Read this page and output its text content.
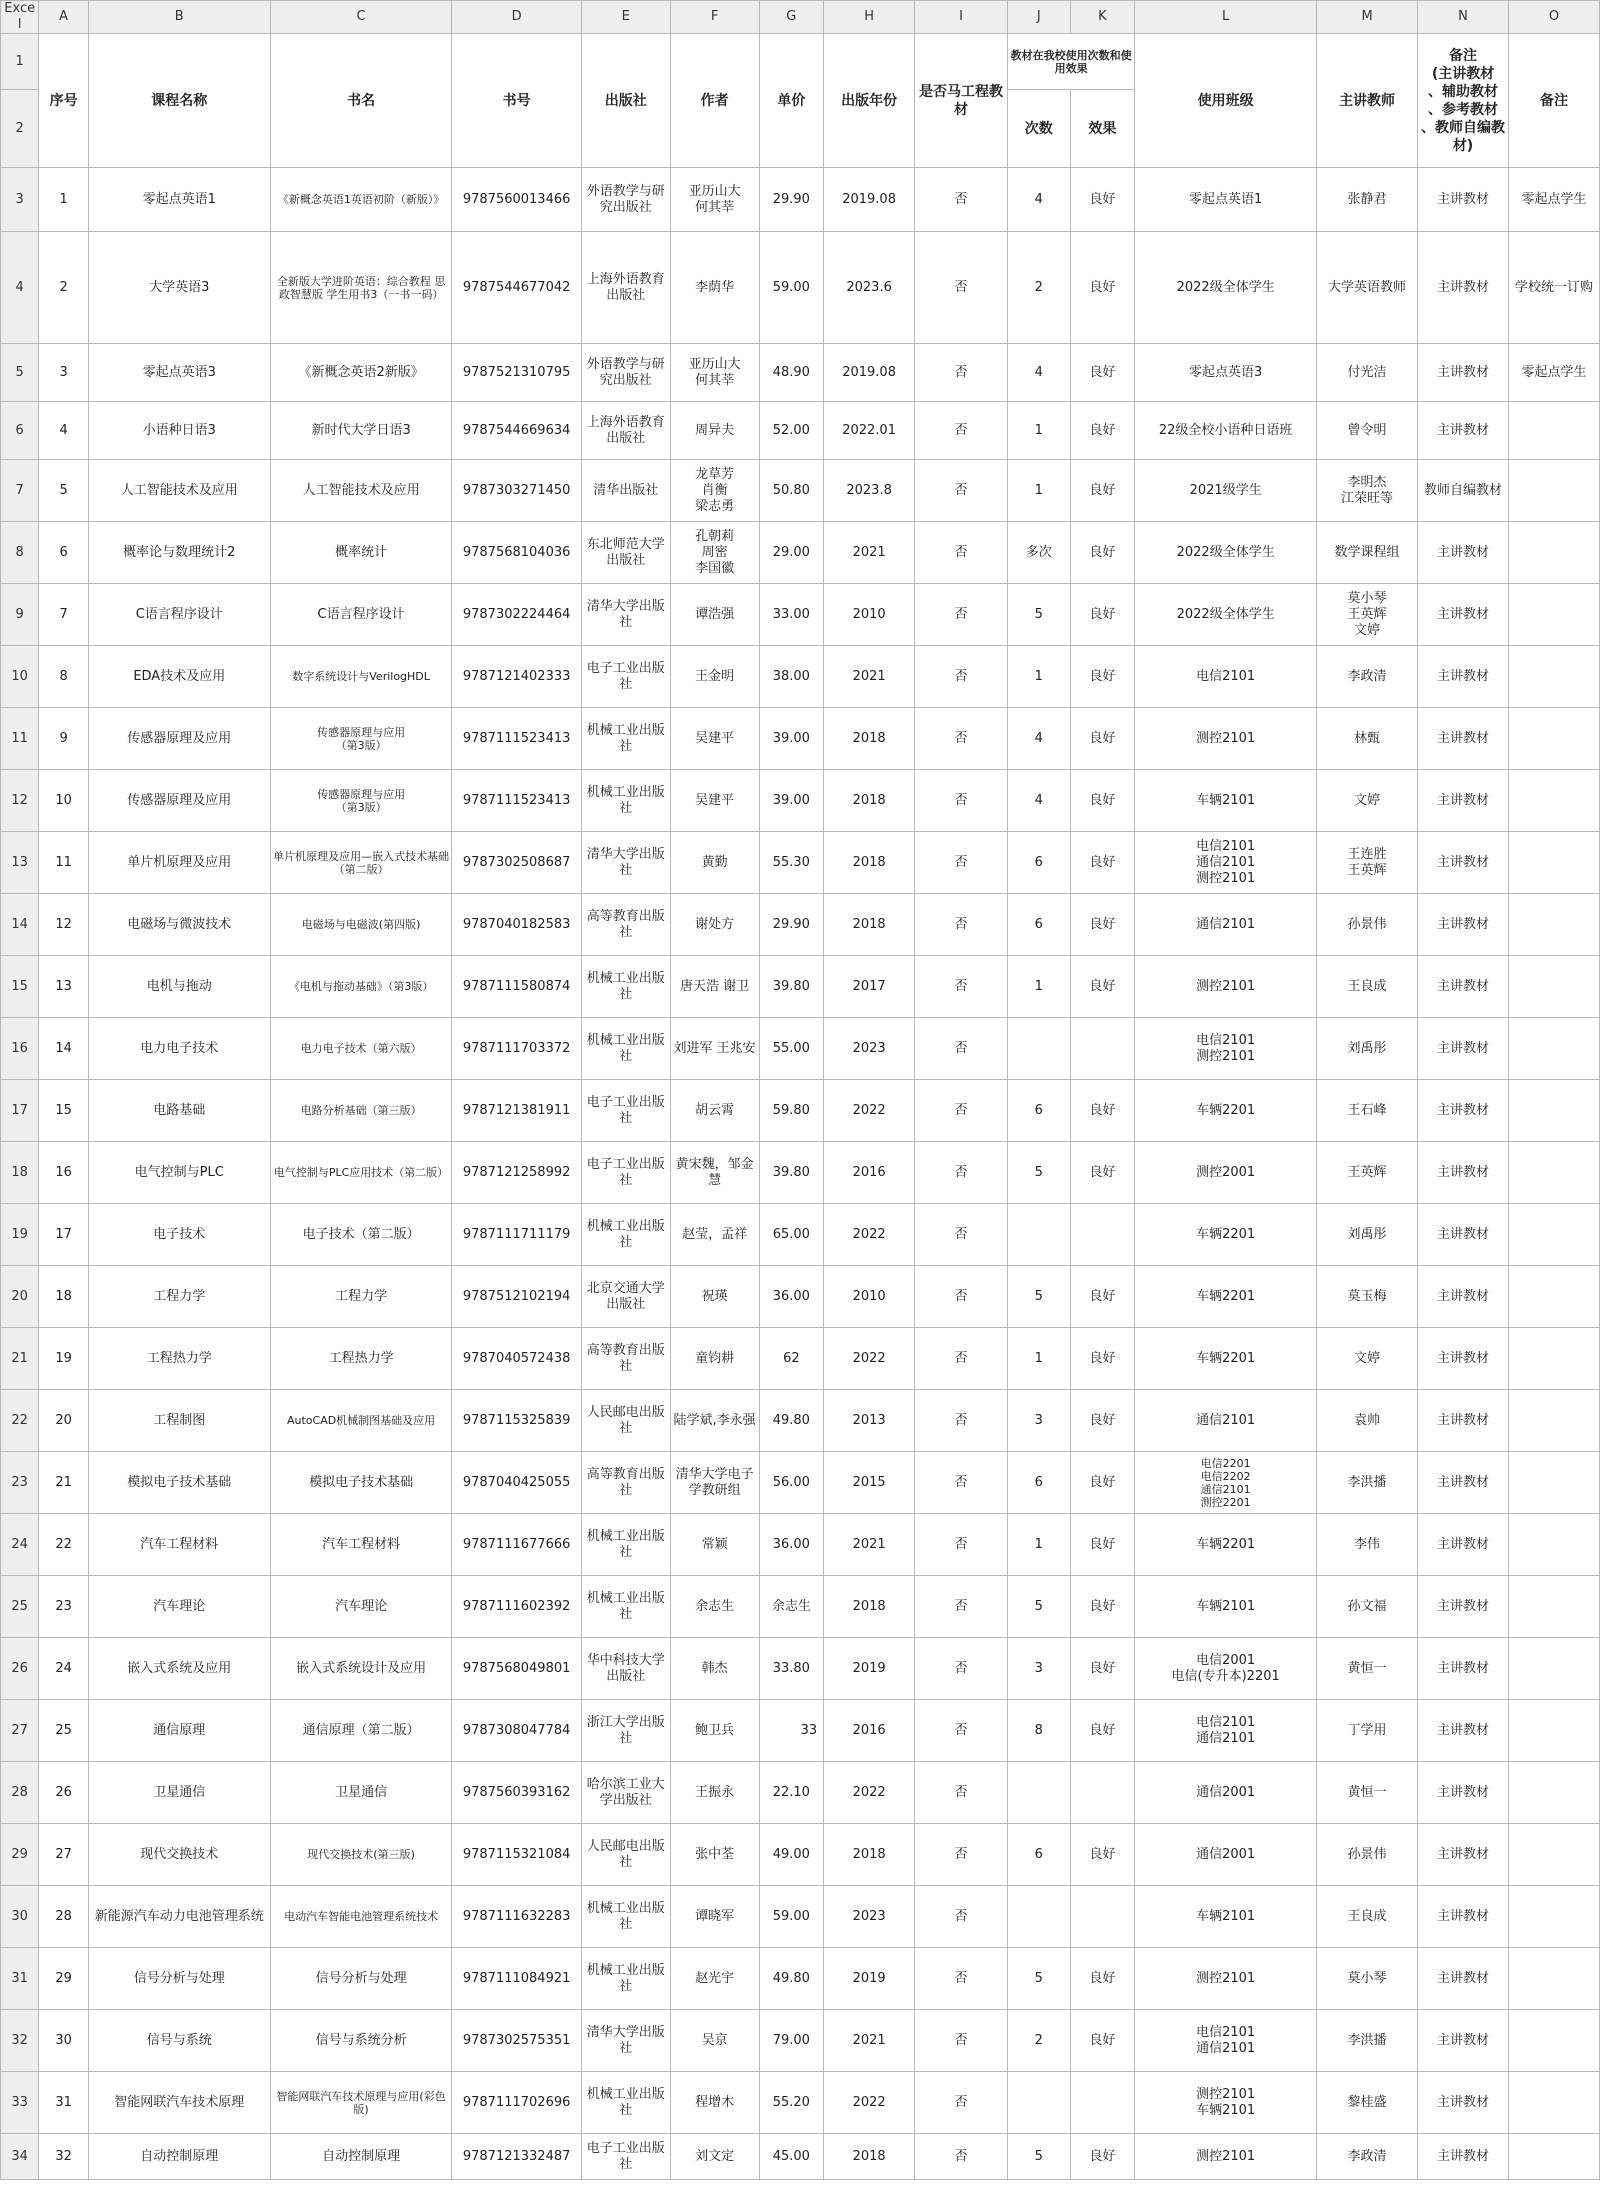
Excel	A	B	C	D	E	F	G	H	I	J	K	L	M	N	O
1	序号	课程名称	书名	书号	出版社	作者	单价	出版年份	是否马工程教材	教材在我校使用次数和使用效果		使用班级	主讲教师	备注
(主讲教材
、辅助教材
、参考教材
、教师自编教材)	备注
2										次数	效果				
3	1	零起点英语1	《新概念英语1英语初阶（新版）》	9787560013466	外语教学与研究出版社	亚历山大
何其莘	29.90	2019.08	否	4	良好	零起点英语1	张静君	主讲教材	零起点学生
4	2	大学英语3	全新版大学进阶英语：综合教程 思政智慧版 学生用书3（一书一码）	9787544677042	上海外语教育出版社	李荫华	59.00	2023.6	否	2	良好	2022级全体学生	大学英语教师	主讲教材	学校统一订购
5	3	零起点英语3	《新概念英语2新版》	9787521310795	外语教学与研究出版社	亚历山大
何其莘	48.90	2019.08	否	4	良好	零起点英语3	付光洁	主讲教材	零起点学生
6	4	小语种日语3	新时代大学日语3	9787544669634	上海外语教育出版社	周异夫	52.00	2022.01	否	1	良好	22级全校小语种日语班	曾令明	主讲教材	
7	5	人工智能技术及应用	人工智能技术及应用	9787303271450	清华出版社	龙草芳
肖衡
梁志勇	50.80	2023.8	否	1	良好	2021级学生	李明杰
江荣旺等	教师自编教材	
8	6	概率论与数理统计2	概率统计	9787568104036	东北师范大学出版社	孔朝莉
周密
李国徽	29.00	2021	否	多次	良好	2022级全体学生	数学课程组	主讲教材	
9	7	C语言程序设计	C语言程序设计	9787302224464	清华大学出版社	谭浩强	33.00	2010	否	5	良好	2022级全体学生	莫小琴
王英辉
文婷	主讲教材	
10	8	EDA技术及应用	数字系统设计与VerilogHDL	9787121402333	电子工业出版社	王金明	38.00	2021	否	1	良好	电信2101	李政清	主讲教材	
11	9	传感器原理及应用	传感器原理与应用
（第3版）	9787111523413	机械工业出版社	吴建平	39.00	2018	否	4	良好	测控2101	林甄	主讲教材	
12	10	传感器原理及应用	传感器原理与应用
（第3版）	9787111523413	机械工业出版社	吴建平	39.00	2018	否	4	良好	车辆2101	文婷	主讲教材	
13	11	单片机原理及应用	单片机原理及应用—嵌入式技术基础（第二版）	9787302508687	清华大学出版社	黄勤	55.30	2018	否	6	良好	电信2101
通信2101
测控2101	王连胜
王英辉	主讲教材	
14	12	电磁场与微波技术	电磁场与电磁波(第四版)	9787040182583	高等教育出版社	谢处方	29.90	2018	否	6	良好	通信2101	孙景伟	主讲教材	
15	13	电机与拖动	《电机与拖动基础》（第3版）	9787111580874	机械工业出版社	唐天浩 谢卫	39.80	2017	否	1	良好	测控2101	王良成	主讲教材	
16	14	电力电子技术	电力电子技术（第六版）	9787111703372	机械工业出版社	刘进军 王兆安	55.00	2023	否			电信2101
测控2101	刘禹彤	主讲教材	
17	15	电路基础	电路分析基础（第三版）	9787121381911	电子工业出版社	胡云霄	59.80	2022	否	6	良好	车辆2201	王石峰	主讲教材	
18	16	电气控制与PLC	电气控制与PLC应用技术（第二版）	9787121258992	电子工业出版社	黄宋魏，邹金慧	39.80	2016	否	5	良好	测控2001	王英辉	主讲教材	
19	17	电子技术	电子技术（第二版）	9787111711179	机械工业出版社	赵莹，孟祥	65.00	2022	否			车辆2201	刘禹彤	主讲教材	
20	18	工程力学	工程力学	9787512102194	北京交通大学出版社	祝瑛	36.00	2010	否	5	良好	车辆2201	莫玉梅	主讲教材	
21	19	工程热力学	工程热力学	9787040572438	高等教育出版社	童钧耕	62	2022	否	1	良好	车辆2201	文婷	主讲教材	
22	20	工程制图	AutoCAD机械制图基础及应用	9787115325839	人民邮电出版社	陆学斌,李永强	49.80	2013	否	3	良好	通信2101	袁帅	主讲教材	
23	21	模拟电子技术基础	模拟电子技术基础	9787040425055	高等教育出版社	清华大学电子学教研组	56.00	2015	否	6	良好	电信2201
电信2202
通信2101
测控2201	李洪播	主讲教材	
24	22	汽车工程材料	汽车工程材料	9787111677666	机械工业出版社	常颖	36.00	2021	否	1	良好	车辆2201	李伟	主讲教材	
25	23	汽车理论	汽车理论	9787111602392	机械工业出版社	余志生	余志生	2018	否	5	良好	车辆2101	孙文福	主讲教材	
26	24	嵌入式系统及应用	嵌入式系统设计及应用	9787568049801	华中科技大学出版社	韩杰	33.80	2019	否	3	良好	电信2001
电信(专升本)2201	黄恒一	主讲教材	
27	25	通信原理	通信原理（第二版）	9787308047784	浙江大学出版社	鲍卫兵	33	2016	否	8	良好	电信2101
通信2101	丁学用	主讲教材	
28	26	卫星通信	卫星通信	9787560393162	哈尔滨工业大学出版社	王振永	22.10	2022	否			通信2001	黄恒一	主讲教材	
29	27	现代交换技术	现代交换技术(第三版)	9787115321084	人民邮电出版社	张中荃	49.00	2018	否	6	良好	通信2001	孙景伟	主讲教材	
30	28	新能源汽车动力电池管理系统	电动汽车智能电池管理系统技术	9787111632283	机械工业出版社	谭晓军	59.00	2023	否			车辆2101	王良成	主讲教材	
31	29	信号分析与处理	信号分析与处理	9787111084921	机械工业出版社	赵光宇	49.80	2019	否	5	良好	测控2101	莫小琴	主讲教材	
32	30	信号与系统	信号与系统分析	9787302575351	清华大学出版社	吴京	79.00	2021	否	2	良好	电信2101
通信2101	李洪播	主讲教材	
33	31	智能网联汽车技术原理	智能网联汽车技术原理与应用(彩色版)	9787111702696	机械工业出版社	程增木	55.20	2022	否			测控2101
车辆2101	黎桂盛	主讲教材	
34	32	自动控制原理	自动控制原理	9787121332487	电子工业出版社	刘文定	45.00	2018	否	5	良好	测控2101	李政清	主讲教材	
